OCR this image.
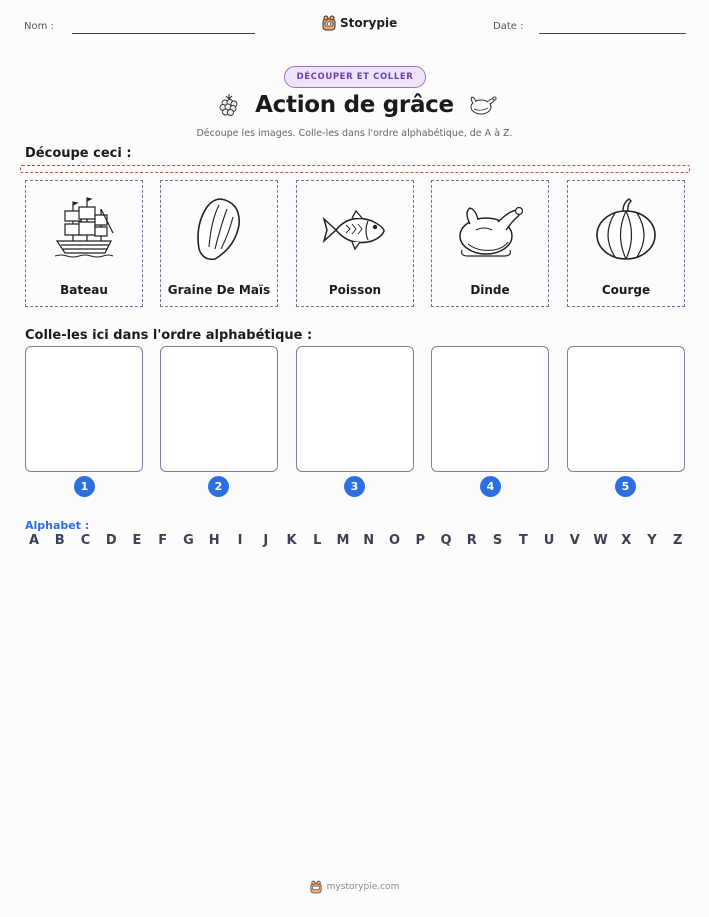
Nom :	Storypie	Date :
DÉCOUPER ET COLLER
Action de grâce
Découpe les images. Colle-les dans l'ordre alphabétique, de A à Z.
Découpe ceci :
Bateau	Graine De Maïs	Poisson	Dinde	Courge
Colle-les ici dans l'ordre alphabétique :
1	2	3	4	5
Alphabet :
A B C D E F G H	I	J	K L M N O P Q R S T U V W X Y Z
mystorypie.com
